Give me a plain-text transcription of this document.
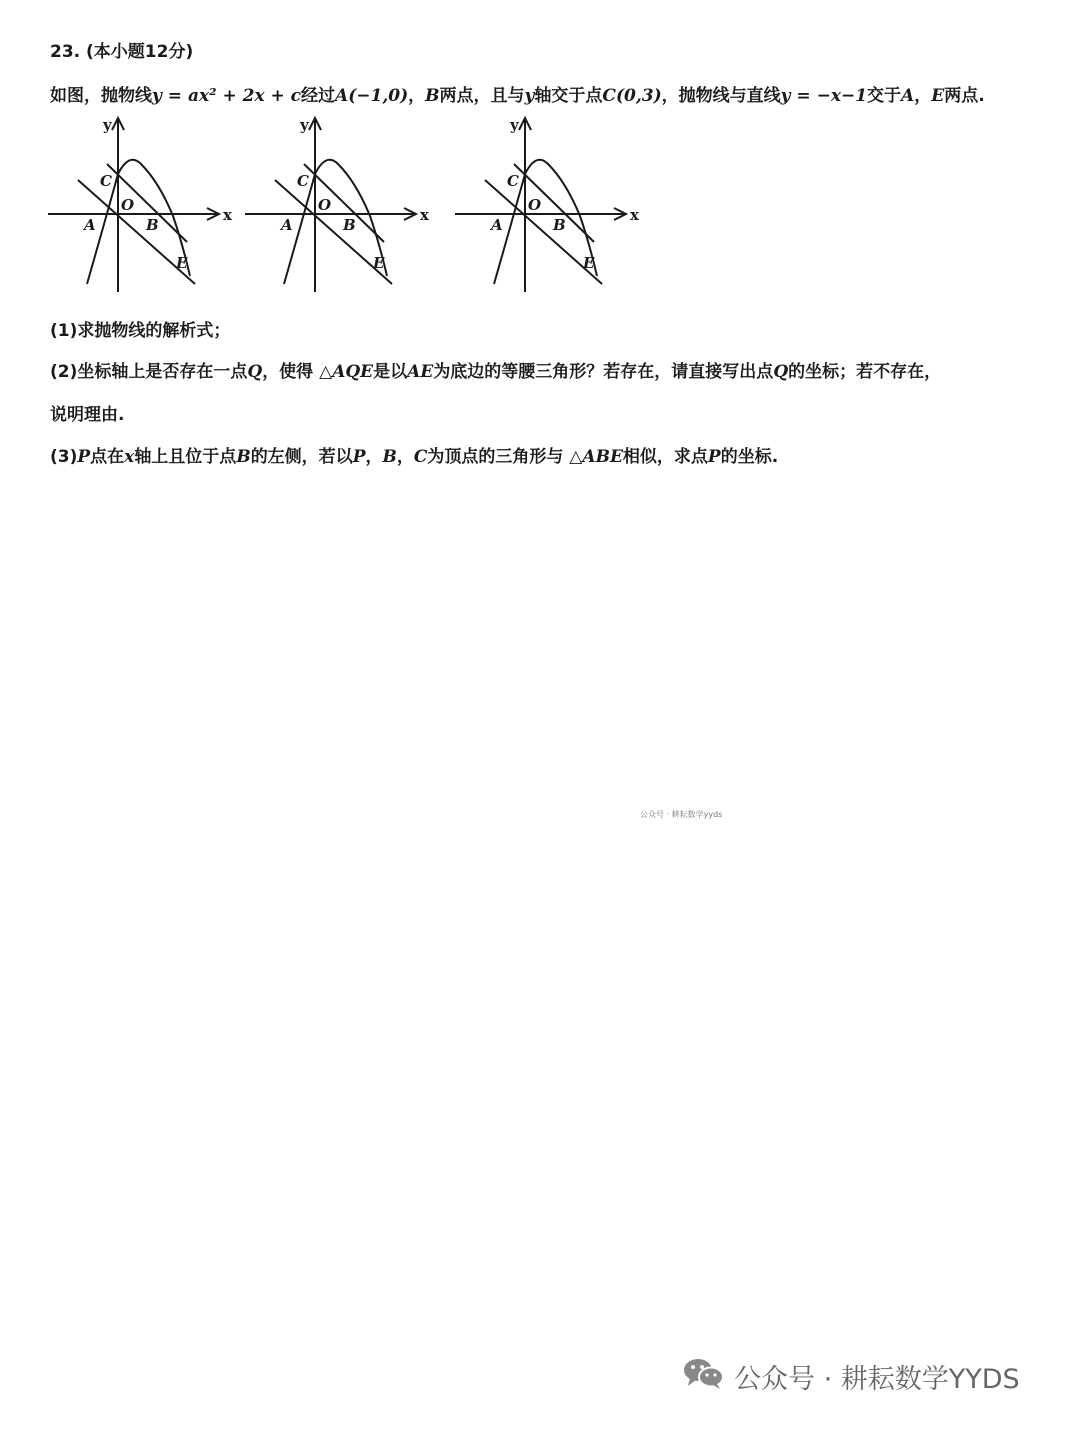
23. (本小题12分)
如图，抛物线y = ax² + 2x + c经过A(−1,0)，B两点，且与y轴交于点C(0,3)，抛物线与直线y = −x−1交于A，E两点.
y
x
C
O
A	B
E
y
x
C
O
A	B
E
y
x
C
O
A	B
E
(1)求抛物线的解析式；
(2)坐标轴上是否存在一点Q，使得 △AQE是以AE为底边的等腰三角形？若存在，请直接写出点Q的坐标；若不存在，
说明理由.
(3)P点在x轴上且位于点B的左侧，若以P，B，C为顶点的三角形与 △ABE相似，求点P的坐标.
公众号 · 耕耘数学yyds
公众号 · 耕耘数学YYDS
